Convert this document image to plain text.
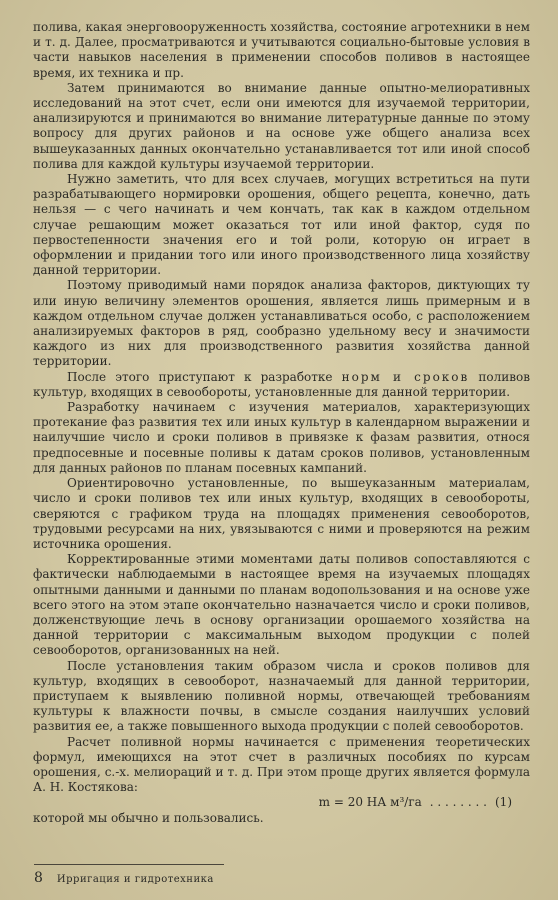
полива, какая энерговооруженность хозяйства, состояние агротехники в нем и т. д. Далее, просматриваются и учитываются социально-бытовые условия в части навыков населения в применении способов поливов в настоящее время, их техника и пр.

Затем принимаются во внимание данные опытно-мелиоративных исследований на этот счет, если они имеются для изучаемой территории, анализируются и принимаются во внимание литературные данные по этому вопросу для других районов и на основе уже общего анализа всех вышеуказанных данных окончательно устанавливается тот или иной способ полива для каждой культуры изучаемой территории.

Нужно заметить, что для всех случаев, могущих встретиться на пути разрабатывающего нормировки орошения, общего рецепта, конечно, дать нельзя — с чего начинать и чем кончать, так как в каждом отдельном случае решающим может оказаться тот или иной фактор, судя по первостепенности значения его и той роли, которую он играет в оформлении и придании того или иного производственного лица хозяйству данной территории.

Поэтому приводимый нами порядок анализа факторов, диктующих ту или иную величину элементов орошения, является лишь примерным и в каждом отдельном случае должен устанавливаться особо, с расположением анализируемых факторов в ряд, сообразно удельному весу и значимости каждого из них для производственного развития хозяйства данной территории.

После этого приступают к разработке норм и сроков поливов культур, входящих в севообороты, установленные для данной территории.

Разработку начинаем с изучения материалов, характеризующих протекание фаз развития тех или иных культур в календарном выражении и наилучшие число и сроки поливов в привязке к фазам развития, относя предпосевные и посевные поливы к датам сроков поливов, установленным для данных районов по планам посевных кампаний.

Ориентировочно установленные, по вышеуказанным материалам, число и сроки поливов тех или иных культур, входящих в севообороты, сверяются с графиком труда на площадях применения севооборотов, трудовыми ресурсами на них, увязываются с ними и проверяются на режим источника орошения.

Корректированные этими моментами даты поливов сопоставляются с фактически наблюдаемыми в настоящее время на изучаемых площадях опытными данными и данными по планам водопользования и на основе уже всего этого на этом этапе окончательно назначается число и сроки поливов, долженствующие лечь в основу организации орошаемого хозяйства на данной территории с максимальным выходом продукции с полей севооборотов, организованных на ней.

После установления таким образом числа и сроков поливов для культур, входящих в севооборот, назначаемый для данной территории, приступаем к выявлению поливной нормы, отвечающей требованиям культуры к влажности почвы, в смысле создания наилучших условий развития ее, а также повышенного выхода продукции с полей севооборотов.

Расчет поливной нормы начинается с применения теоретических формул, имеющихся на этот счет в различных пособиях по курсам орошения, с.-х. мелиораций и т. д. При этом проще других является формула А. Н. Костякова:

m = 20 НА м³/га . . . . . . . . (1)

которой мы обычно и пользовались.

8 Ирригация и гидротехника
